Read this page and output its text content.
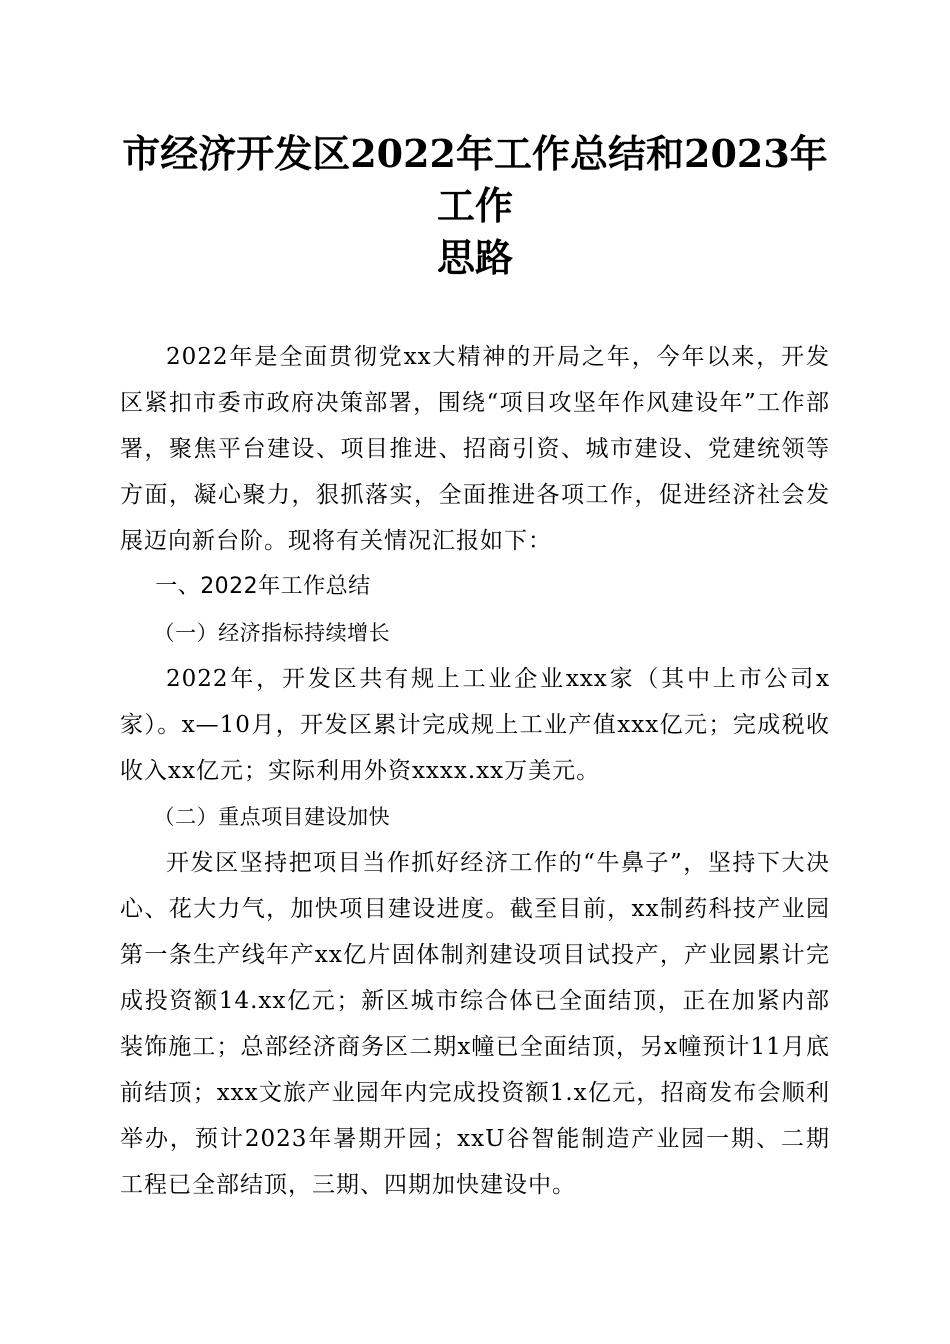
市经济开发区2022年工作总结和2023年工作
思路

2022年是全面贯彻党xx大精神的开局之年，今年以来，开发区紧扣市委市政府决策部署，围绕“项目攻坚年作风建设年”工作部署，聚焦平台建设、项目推进、招商引资、城市建设、党建统领等方面，凝心聚力，狠抓落实，全面推进各项工作，促进经济社会发展迈向新台阶。现将有关情况汇报如下：

一、2022年工作总结

（一）经济指标持续增长

2022年，开发区共有规上工业企业xxx家（其中上市公司x家）。x—10月，开发区累计完成规上工业产值xxx亿元；完成税收收入xx亿元；实际利用外资xxxx.xx万美元。

（二）重点项目建设加快

开发区坚持把项目当作抓好经济工作的“牛鼻子”，坚持下大决心、花大力气，加快项目建设进度。截至目前，xx制药科技产业园第一条生产线年产xx亿片固体制剂建设项目试投产，产业园累计完成投资额14.xx亿元；新区城市综合体已全面结顶，正在加紧内部装饰施工；总部经济商务区二期x幢已全面结顶，另x幢预计11月底前结顶；xxx文旅产业园年内完成投资额1.x亿元，招商发布会顺利举办，预计2023年暑期开园；xxU谷智能制造产业园一期、二期工程已全部结顶，三期、四期加快建设中。
